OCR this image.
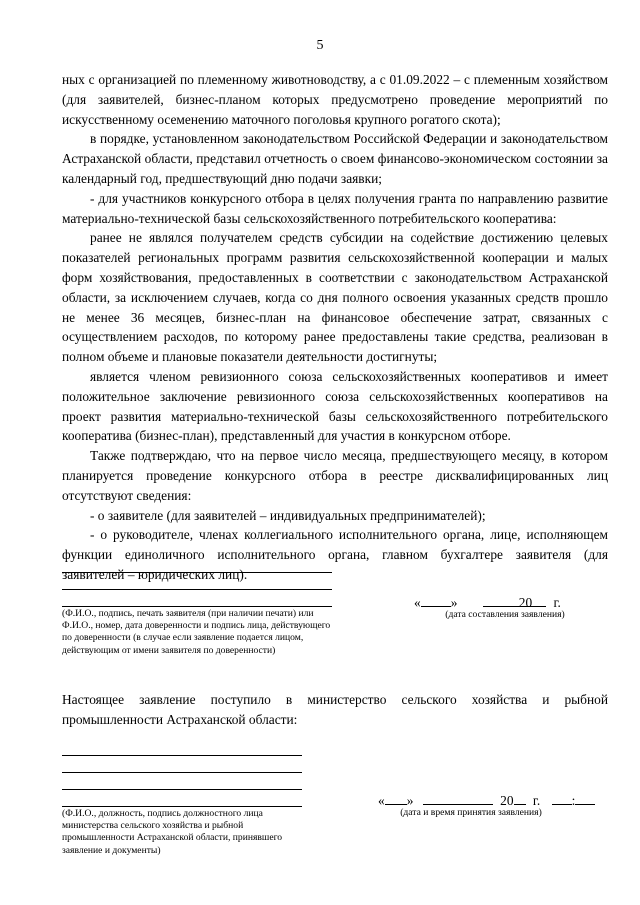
5

ных с организацией по племенному животноводству, а с 01.09.2022 – с племенным хозяйством (для заявителей, бизнес-планом которых предусмотрено проведение мероприятий по искусственному осеменению маточного поголовья крупного рогатого скота);

в порядке, установленном законодательством Российской Федерации и законодательством Астраханской области, представил отчетность о своем финансово-экономическом состоянии за календарный год, предшествующий дню подачи заявки;

- для участников конкурсного отбора в целях получения гранта по направлению развитие материально-технической базы сельскохозяйственного потребительского кооператива:

ранее не являлся получателем средств субсидии на содействие достижению целевых показателей региональных программ развития сельскохозяйственной кооперации и малых форм хозяйствования, предоставленных в соответствии с законодательством Астраханской области, за исключением случаев, когда со дня полного освоения указанных средств прошло не менее 36 месяцев, бизнес-план на финансовое обеспечение затрат, связанных с осуществлением расходов, по которому ранее предоставлены такие средства, реализован в полном объеме и плановые показатели деятельности достигнуты;

является членом ревизионного союза сельскохозяйственных кооперативов и имеет положительное заключение ревизионного союза сельскохозяйственных кооперативов на проект развития материально-технической базы сельскохозяйственного потребительского кооператива (бизнес-план), представленный для участия в конкурсном отборе.

Также подтверждаю, что на первое число месяца, предшествующего месяцу, в котором планируется проведение конкурсного отбора в реестре дисквалифицированных лиц отсутствуют сведения:

- о заявителе (для заявителей – индивидуальных предпринимателей);

- о руководителе, членах коллегиального исполнительного органа, лице, исполняющем функции единоличного исполнительного органа, главном бухгалтере заявителя (для заявителей – юридических лиц).

(Ф.И.О., подпись, печать заявителя (при наличии печати) или Ф.И.О., номер, дата доверенности и подпись лица, действующего по доверенности (в случае если заявление подается лицом, действующим от имени заявителя по доверенности)
« »	20 г.
(дата составления заявления)
Настоящее заявление поступило в министерство сельского хозяйства и рыбной промышленности Астраханской области:
(Ф.И.О., должность, подпись должностного лица министерства сельского хозяйства и рыбной промышленности Астраханской области, принявшего заявление и документы)
« »	20 г. :
(дата и время принятия заявления)
